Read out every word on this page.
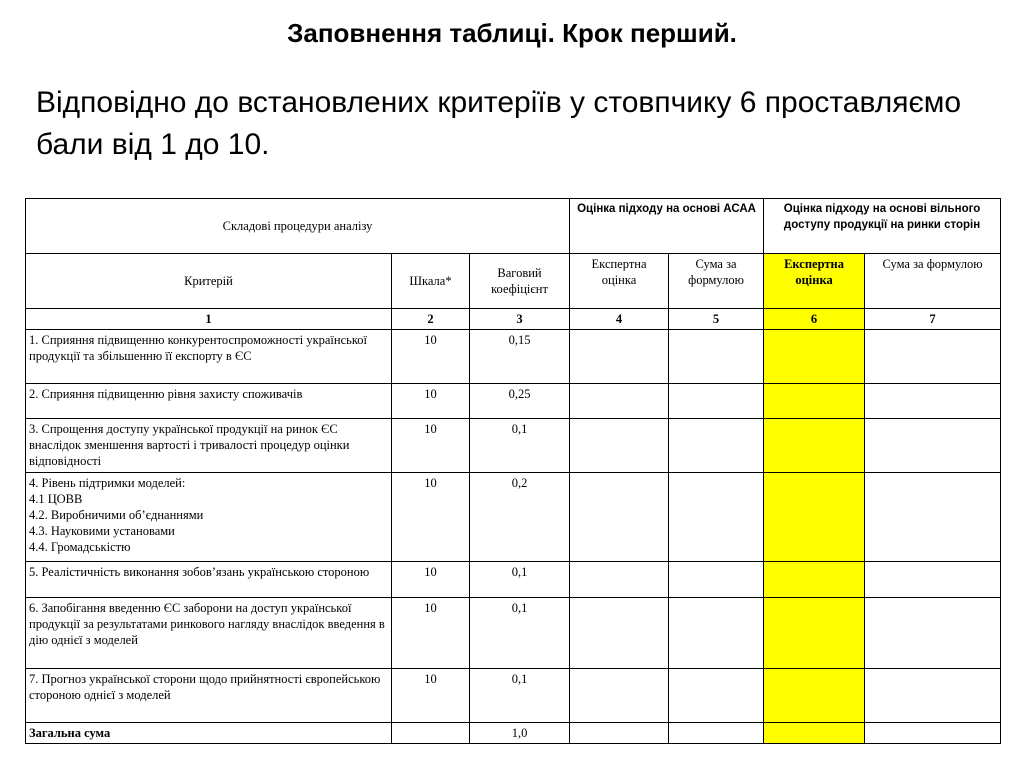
Заповнення таблиці. Крок перший.
Відповідно до встановлених критеріїв у стовпчику 6 проставляємо бали від 1 до 10.
Складові процедури аналізу			Оцінка підходу на основі АСАА		Оцінка підходу на основі вільного доступу продукції на ринки сторін	
Критерій	Шкала*	Ваговий коефіцієнт	Експертна оцінка	Сума за формулою	Експертна оцінка	Сума за формулою
1	2	3	4	5	6	7
1. Сприяння підвищенню конкурентоспроможності української продукції та збільшенню її експорту в ЄС	10	0,15				
2. Сприяння підвищенню рівня захисту споживачів	10	0,25				
3. Спрощення доступу української продукції на ринок ЄС внаслідок зменшення вартості і тривалості процедур оцінки відповідності	10	0,1				
4. Рівень підтримки моделей:
4.1 ЦОВВ
4.2. Виробничими об’єднаннями
4.3. Науковими установами
4.4. Громадськістю	10	0,2				
5. Реалістичність виконання зобов’язань українською стороною	10	0,1				
6. Запобігання введенню ЄС заборони на доступ української продукції за результатами ринкового нагляду внаслідок введення в дію однієї з моделей	10	0,1				
7. Прогноз української сторони щодо прийнятності європейською стороною однієї з моделей	10	0,1				
Загальна сума		1,0				
